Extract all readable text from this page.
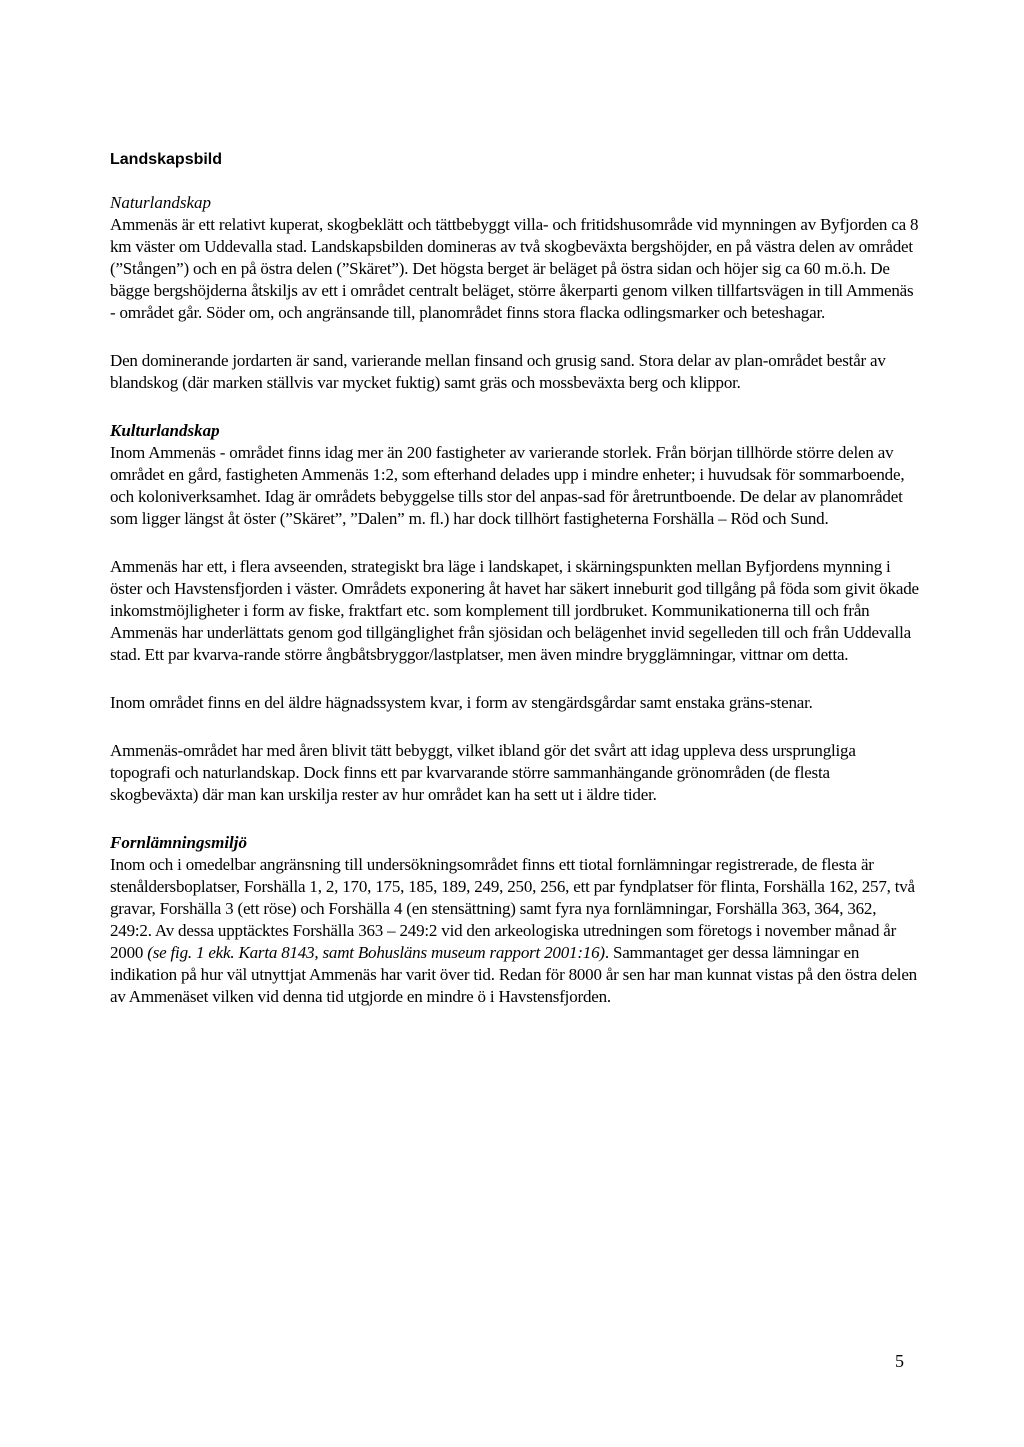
Landskapsbild
Naturlandskap

Ammenäs är ett relativt kuperat, skogbeklätt och tättbebyggt villa- och fritidshusområde vid mynningen av Byfjorden ca 8 km väster om Uddevalla stad. Landskapsbilden domineras av två skogbeväxta bergshöjder, en på västra delen av området (”Stången”) och en på östra delen (”Skäret”). Det högsta berget är beläget på östra sidan och höjer sig ca 60 m.ö.h. De bägge bergshöjderna åtskiljs av ett i området centralt beläget, större åkerparti genom vilken tillfartsvägen in till Ammenäs - området går. Söder om, och angränsande till, planområdet finns stora flacka odlingsmarker och beteshagar.

Den dominerande jordarten är sand, varierande mellan finsand och grusig sand. Stora delar av plan-området består av blandskog (där marken ställvis var mycket fuktig) samt gräs och mossbeväxta berg och klippor.

Kulturlandskap

Inom Ammenäs - området finns idag mer än 200 fastigheter av varierande storlek. Från början tillhörde större delen av området en gård, fastigheten Ammenäs 1:2, som efterhand delades upp i mindre enheter; i huvudsak för sommarboende, och koloniverksamhet. Idag är områdets bebyggelse tills stor del anpas-sad för åretruntboende. De delar av planområdet som ligger längst åt öster (”Skäret”, ”Dalen” m. fl.) har dock tillhört fastigheterna Forshälla – Röd och Sund.

Ammenäs har ett, i flera avseenden, strategiskt bra läge i landskapet, i skärningspunkten mellan Byfjordens mynning i öster och Havstensfjorden i väster. Områdets exponering åt havet har säkert inneburit god tillgång på föda som givit ökade inkomstmöjligheter i form av fiske, fraktfart etc. som komplement till jordbruket. Kommunikationerna till och från Ammenäs har underlättats genom god tillgänglighet från sjösidan och belägenhet invid segelleden till och från Uddevalla stad. Ett par kvarva-rande större ångbåtsbryggor/lastplatser, men även mindre brygglämningar, vittnar om detta.

Inom området finns en del äldre hägnadssystem kvar, i form av stengärdsgårdar samt enstaka gräns-stenar.

Ammenäs-området har med åren blivit tätt bebyggt, vilket ibland gör det svårt att idag uppleva dess ursprungliga topografi och naturlandskap. Dock finns ett par kvarvarande större sammanhängande grönområden (de flesta skogbeväxta) där man kan urskilja rester av hur området kan ha sett ut i äldre tider.

Fornlämningsmiljö

Inom och i omedelbar angränsning till undersökningsområdet finns ett tiotal fornlämningar registrerade, de flesta är stenåldersboplatser, Forshälla 1, 2, 170, 175, 185, 189, 249, 250, 256, ett par fyndplatser för flinta, Forshälla 162, 257, två gravar, Forshälla 3 (ett röse) och Forshälla 4 (en stensättning) samt fyra nya fornlämningar, Forshälla 363, 364, 362, 249:2. Av dessa upptäcktes Forshälla 363 – 249:2 vid den arkeologiska utredningen som företogs i november månad år 2000 (se fig. 1 ekk. Karta 8143, samt Bohusläns museum rapport 2001:16). Sammantaget ger dessa lämningar en indikation på hur väl utnyttjat Ammenäs har varit över tid. Redan för 8000 år sen har man kunnat vistas på den östra delen av Ammenäset vilken vid denna tid utgjorde en mindre ö i Havstensfjorden.

5
